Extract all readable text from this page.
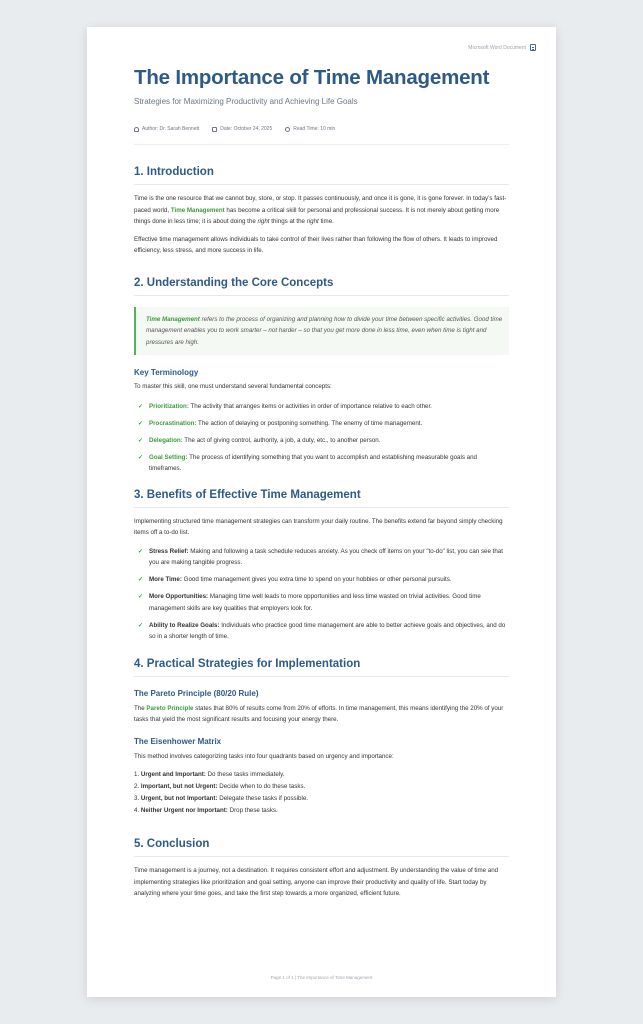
Microsoft Word Document
The Importance of Time Management
Strategies for Maximizing Productivity and Achieving Life Goals
Author: Dr. Sarah Bennett	Date: October 24, 2025	Read Time: 10 min
1. Introduction

Time is the one resource that we cannot buy, store, or stop. It passes continuously, and once it is gone, it is gone forever. In today’s fast-paced world, Time Management has become a critical skill for personal and professional success. It is not merely about getting more things done in less time; it is about doing the right things at the right time.

Effective time management allows individuals to take control of their lives rather than following the flow of others. It leads to improved efficiency, less stress, and more success in life.

2. Understanding the Core Concepts
Time Management refers to the process of organizing and planning how to divide your time between specific activities. Good time management enables you to work smarter – not harder – so that you get more done in less time, even when time is tight and pressures are high.
Key Terminology

To master this skill, one must understand several fundamental concepts:

✓ Prioritization: The activity that arranges items or activities in order of importance relative to each other.
✓ Procrastination: The action of delaying or postponing something. The enemy of time management.
✓ Delegation: The act of giving control, authority, a job, a duty, etc., to another person.
✓ Goal Setting: The process of identifying something that you want to accomplish and establishing measurable goals and timeframes.
3. Benefits of Effective Time Management

Implementing structured time management strategies can transform your daily routine. The benefits extend far beyond simply checking items off a to-do list.

✓ Stress Relief: Making and following a task schedule reduces anxiety. As you check off items on your "to-do" list, you can see that you are making tangible progress.
✓ More Time: Good time management gives you extra time to spend on your hobbies or other personal pursuits.
✓ More Opportunities: Managing time well leads to more opportunities and less time wasted on trivial activities. Good time management skills are key qualities that employers look for.
✓ Ability to Realize Goals: Individuals who practice good time management are able to better achieve goals and objectives, and do so in a shorter length of time.
4. Practical Strategies for Implementation
The Pareto Principle (80/20 Rule)

The Pareto Principle states that 80% of results come from 20% of efforts. In time management, this means identifying the 20% of your tasks that yield the most significant results and focusing your energy there.

The Eisenhower Matrix

This method involves categorizing tasks into four quadrants based on urgency and importance:

1. Urgent and Important: Do these tasks immediately.
2. Important, but not Urgent: Decide when to do these tasks.
3. Urgent, but not Important: Delegate these tasks if possible.
4. Neither Urgent nor Important: Drop these tasks.
5. Conclusion

Time management is a journey, not a destination. It requires consistent effort and adjustment. By understanding the value of time and implementing strategies like prioritization and goal setting, anyone can improve their productivity and quality of life. Start today by analyzing where your time goes, and take the first step towards a more organized, efficient future.

Page 1 of 1 | The Importance of Time Management
